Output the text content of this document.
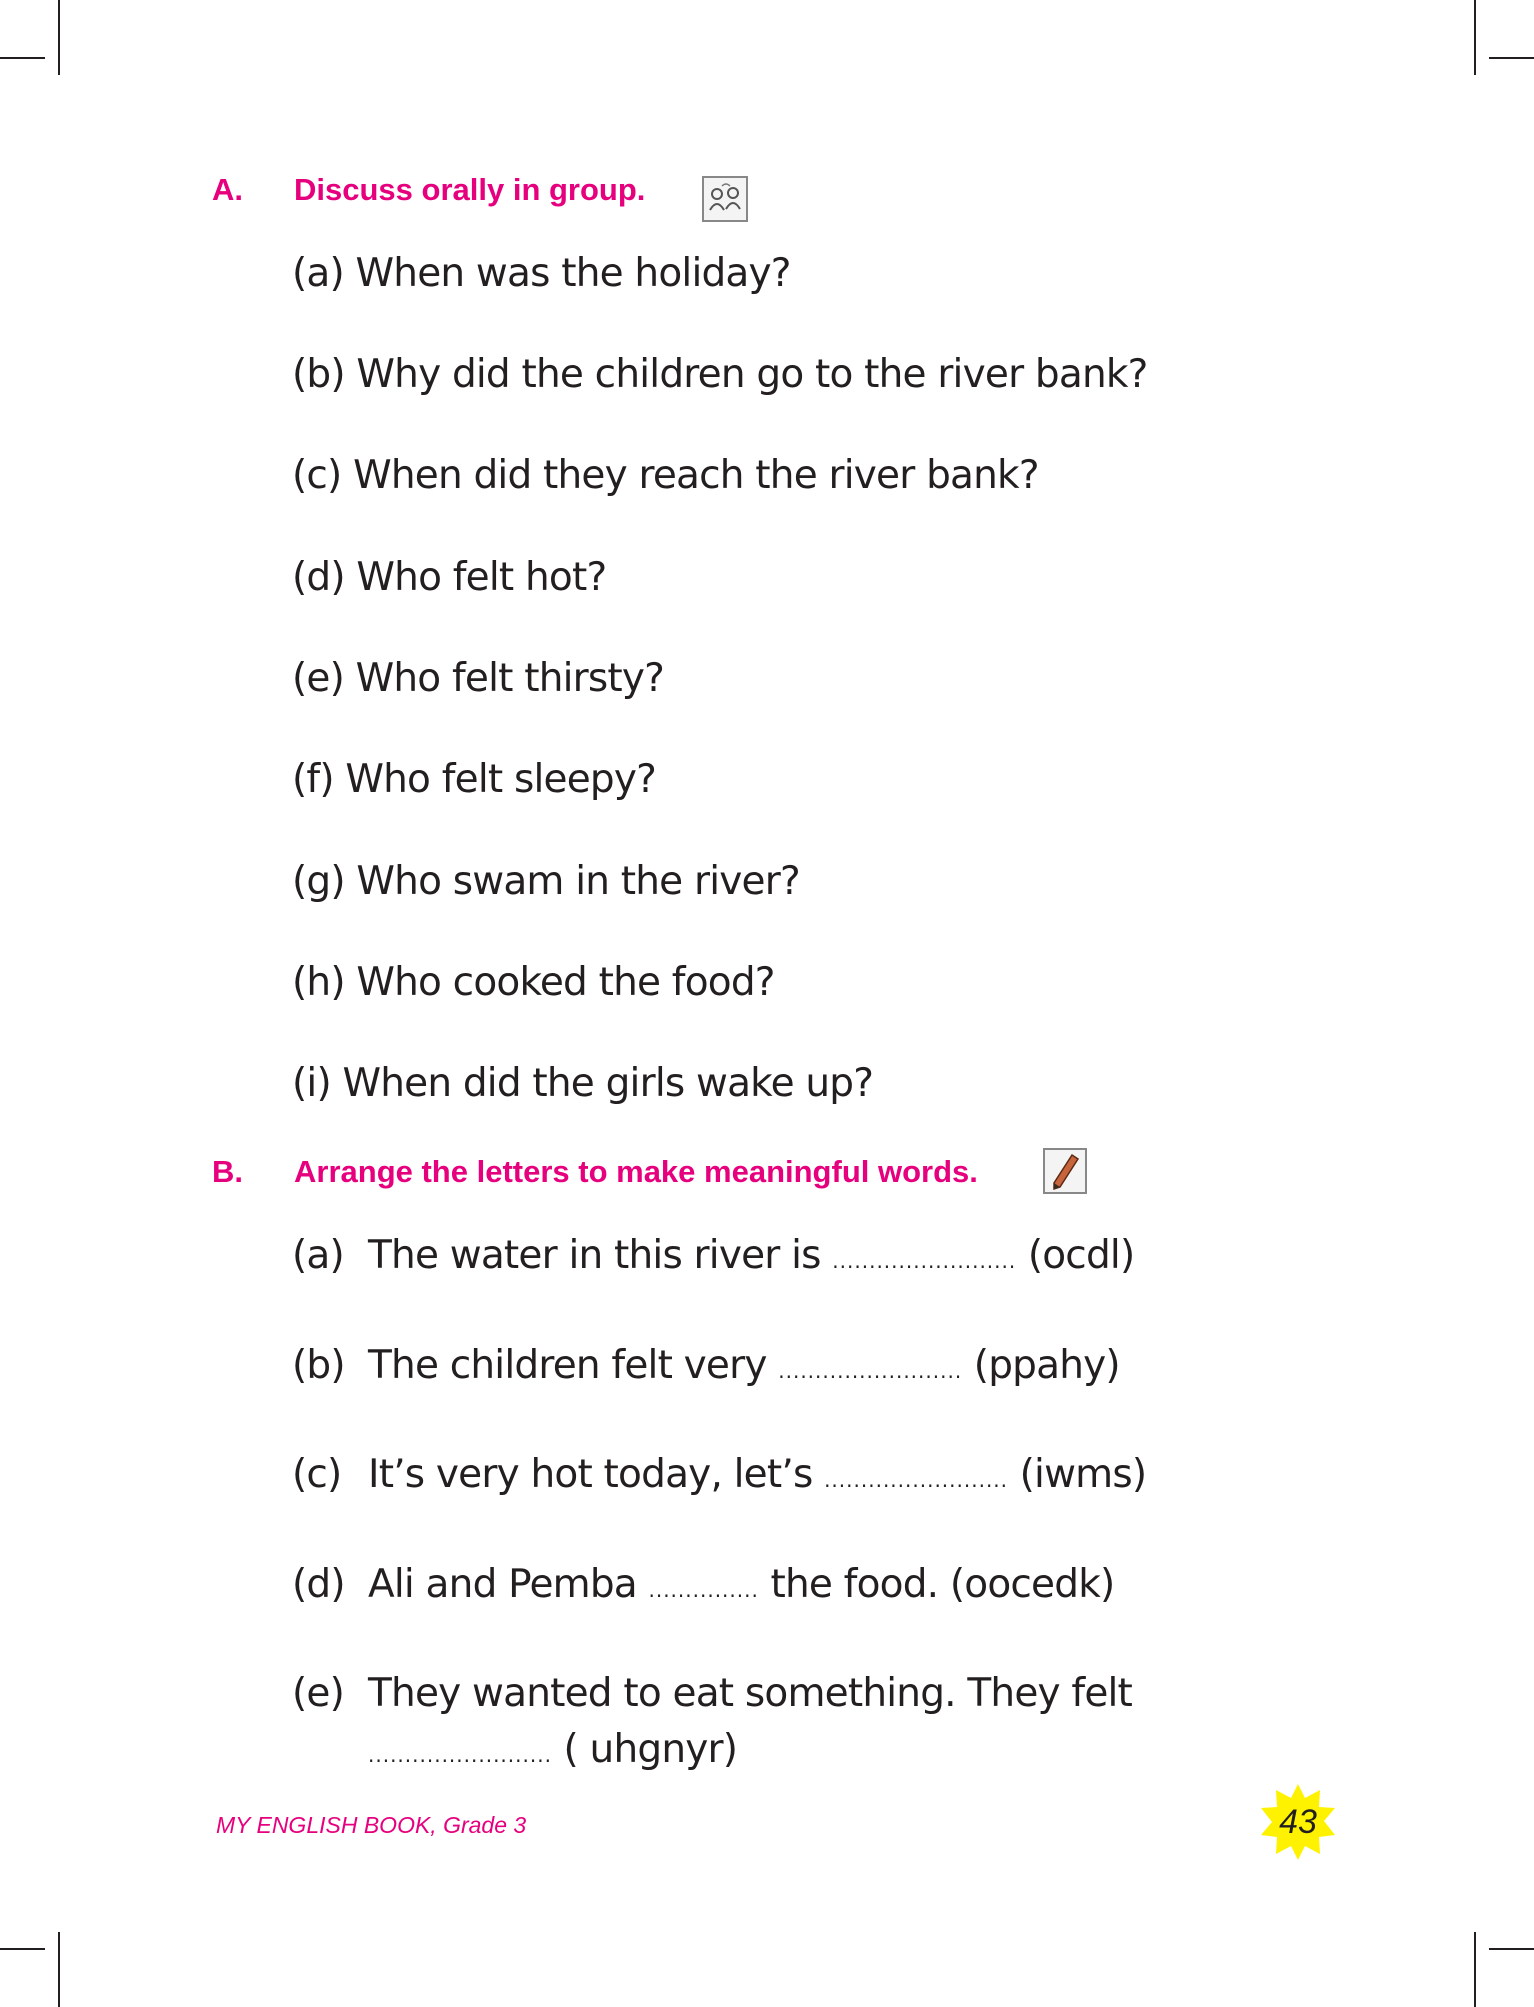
A. Discuss orally in group.
(a) When was the holiday?
(b) Why did the children go to the river bank?
(c) When did they reach the river bank?
(d) Who felt hot?
(e) Who felt thirsty?
(f) Who felt sleepy?
(g) Who swam in the river?
(h) Who cooked the food?
(i) When did the girls wake up?
B. Arrange the letters to make meaningful words.
(a) The water in this river is ......................... (ocdl)
(b) The children felt very ......................... (ppahy)
(c) It’s very hot today, let’s ......................... (iwms)
(d) Ali and Pemba ............... the food. (oocedk)
(e) They wanted to eat something. They felt
......................... ( uhgnyr)
MY ENGLISH BOOK, Grade 3	43
